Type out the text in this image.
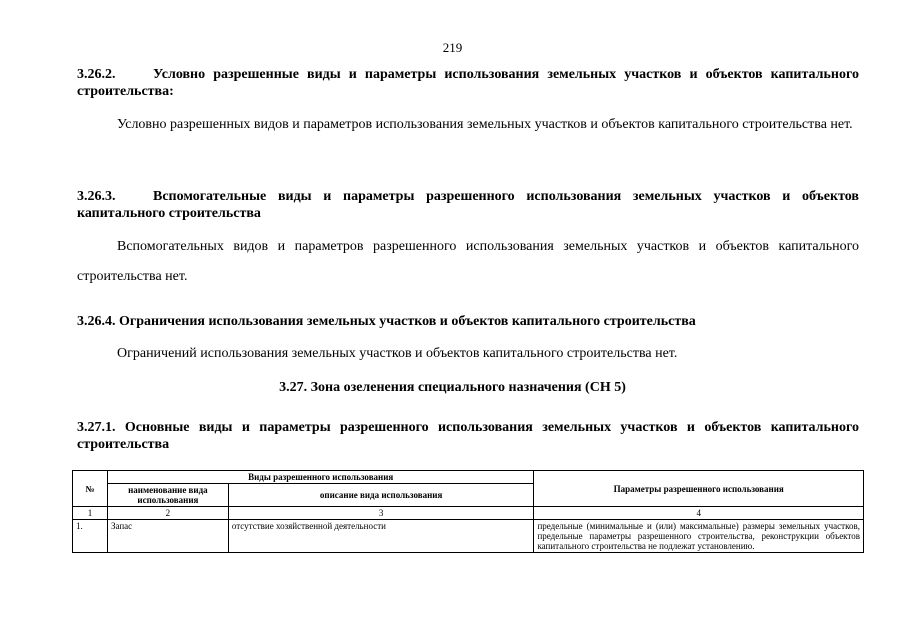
219
3.26.2.	Условно разрешенные виды и параметры использования земельных участков и объектов капитального строительства:
Условно разрешенных видов и параметров использования земельных участков и объектов капитального строительства нет.
3.26.3.	Вспомогательные виды и параметры разрешенного использования земельных участков и объектов капитального строительства
Вспомогательных видов и параметров разрешенного использования земельных участков и объектов капитального строительства нет.
3.26.4. Ограничения использования земельных участков и объектов капитального строительства
Ограничений использования земельных участков и объектов капитального строительства нет.
3.27. Зона озеленения специального назначения (СН 5)
3.27.1. Основные виды и параметры разрешенного использования земельных участков и объектов капитального строительства
№	Виды разрешенного использования		Параметры разрешенного использования
	наименование вида использования	описание вида использования	
1	2	3	4
1.	Запас	отсутствие хозяйственной деятельности	предельные (минимальные и (или) максимальные) размеры земельных участков, предельные параметры разрешенного строительства, реконструкции объектов капитального строительства не подлежат установлению.
